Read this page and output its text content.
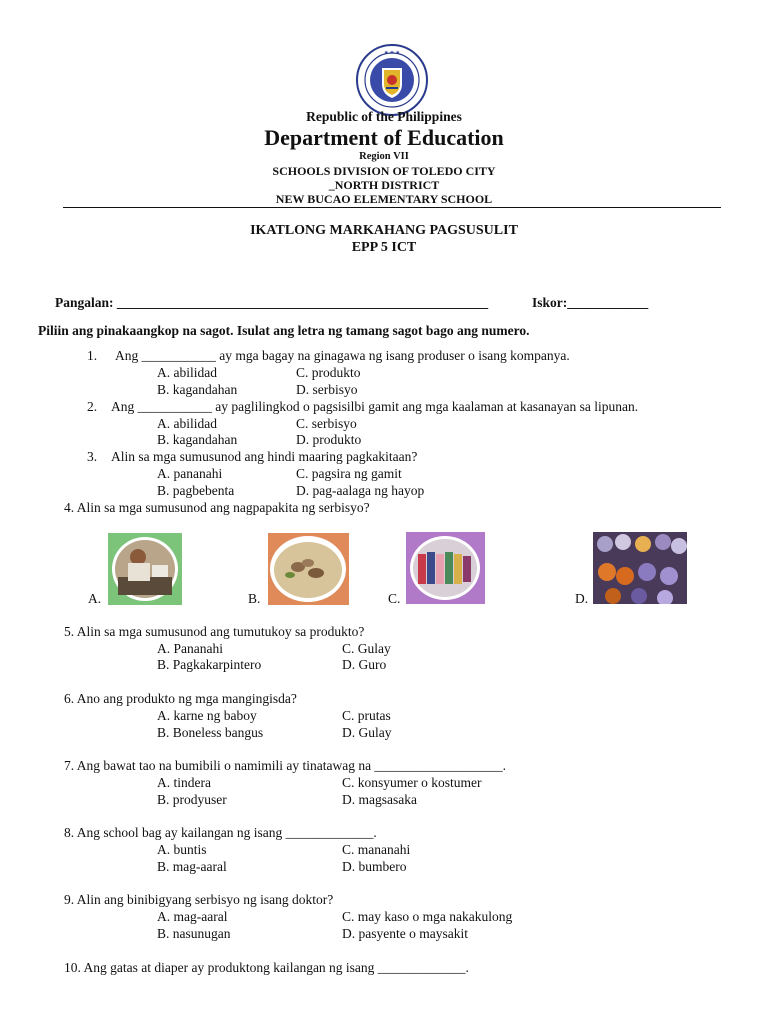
★ ★ ★
Republic of the Philippines
Department of Education
Region VII
SCHOOLS DIVISION OF TOLEDO CITY
_NORTH DISTRICT
NEW BUCAO ELEMENTARY SCHOOL
IKATLONG MARKAHANG PAGSUSULIT
EPP 5 ICT
Pangalan: _______________________________________________________	Iskor:____________
Piliin ang pinakaangkop na sagot. Isulat ang letra ng tamang sagot bago ang numero.
1. Ang ___________ ay mga bagay na ginagawa ng isang produser o isang kompanya.
A. abilidad	C. produkto
B. kagandahan	D. serbisyo
2. Ang ___________ ay paglilingkod o pagsisilbi gamit ang mga kaalaman at kasanayan sa lipunan.
A. abilidad	C. serbisyo
B. kagandahan	D. produkto
3. Alin sa mga sumusunod ang hindi maaring pagkakitaan?
A. pananahi	C. pagsira ng gamit
B. pagbebenta	D. pag-aalaga ng hayop
4. Alin sa mga sumusunod ang nagpapakita ng serbisyo?
A.	B.	C.	D.
5. Alin sa mga sumusunod ang tumutukoy sa produkto?
A. Pananahi	C. Gulay
B. Pagkakarpintero	D. Guro
6. Ano ang produkto ng mga mangingisda?
A. karne ng baboy	C. prutas
B. Boneless bangus	D. Gulay
7. Ang bawat tao na bumibili o namimili ay tinatawag na ___________________.
A. tindera	C. konsyumer o kostumer
B. prodyuser	D. magsasaka
8. Ang school bag ay kailangan ng isang _____________.
A. buntis	C. mananahi
B. mag-aaral	D. bumbero
9. Alin ang binibigyang serbisyo ng isang doktor?
A. mag-aaral	C. may kaso o mga nakakulong
B. nasunugan	D. pasyente o maysakit
10. Ang gatas at diaper ay produktong kailangan ng isang _____________.
